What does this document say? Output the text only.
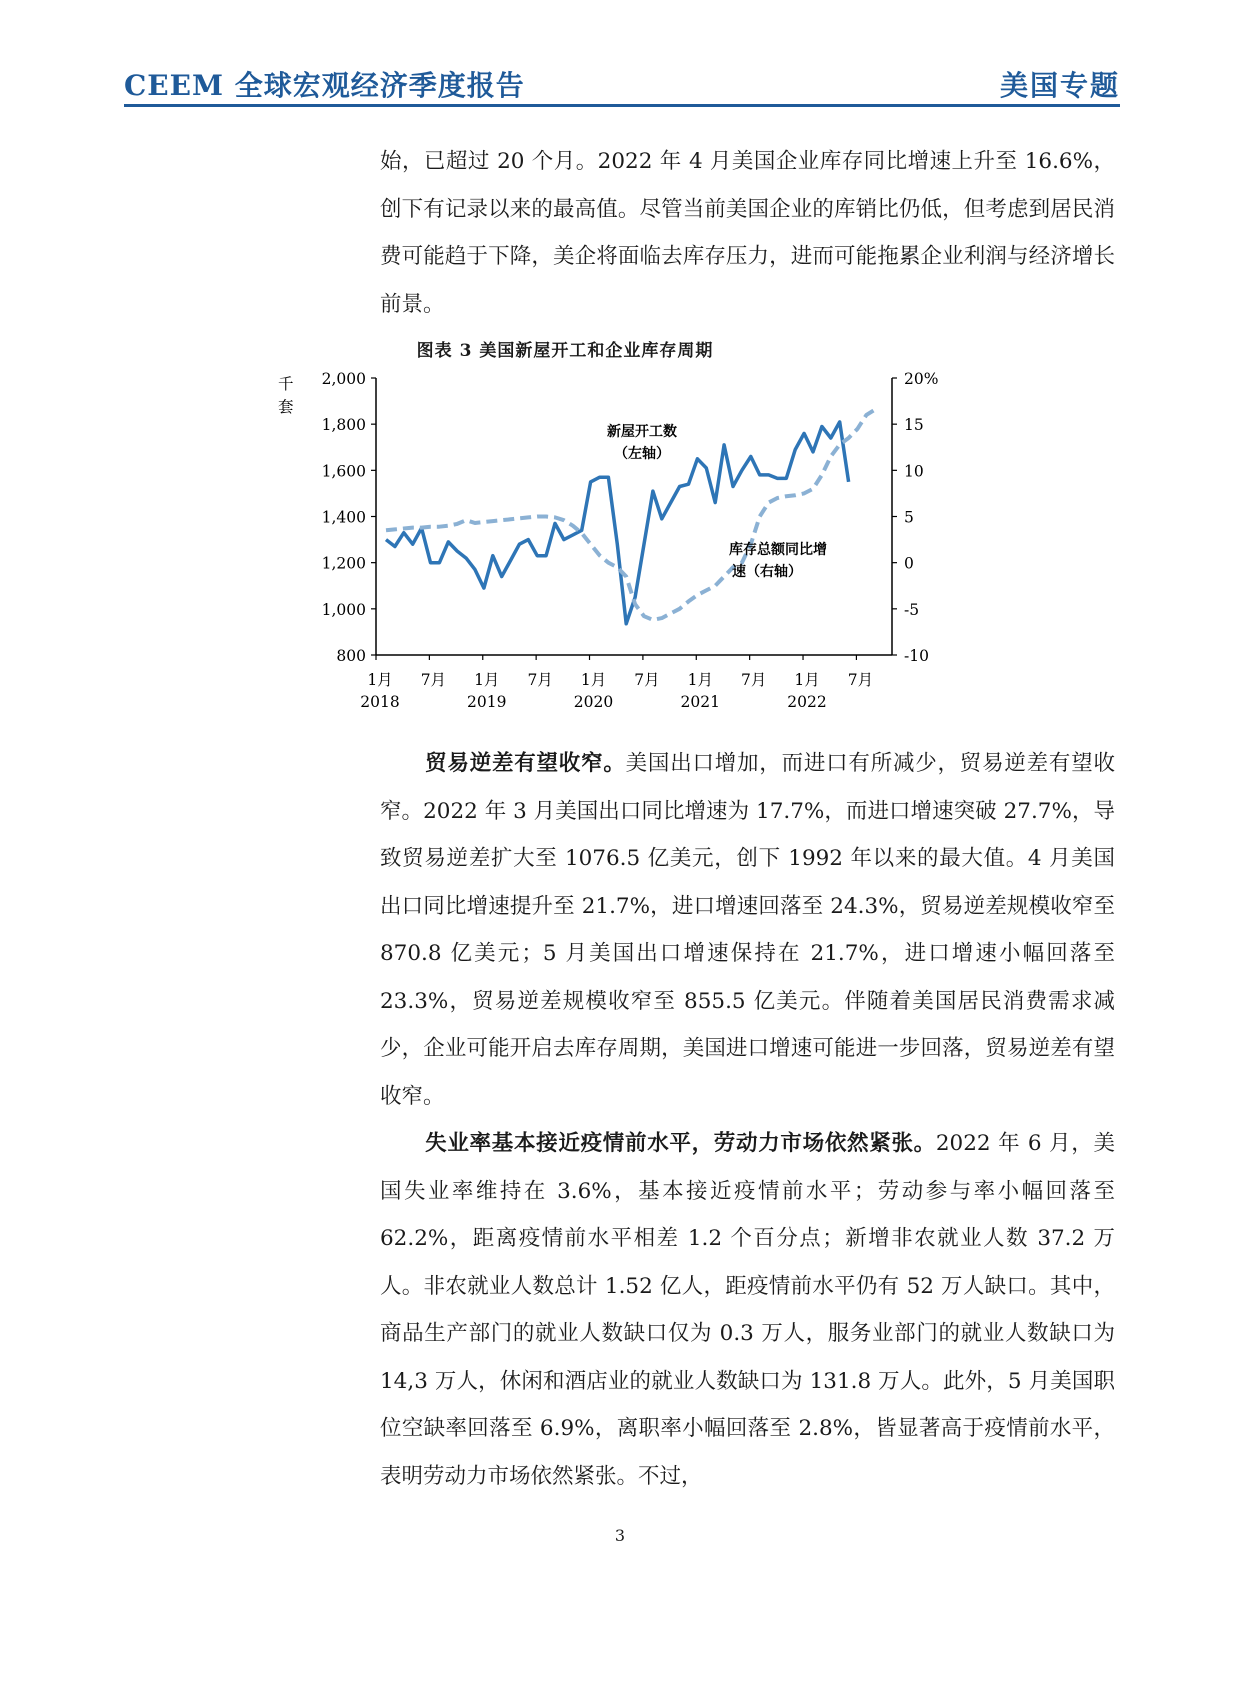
CEEM 全球宏观经济季度报告	美国专题

始，已超过 20 个月。2022 年 4 月美国企业库存同比增速上升至 16.6%，创下有记录以来的最高值。尽管当前美国企业的库销比仍低，但考虑到居民消费可能趋于下降，美企将面临去库存压力，进而可能拖累企业利润与经济增长前景。

图表 3 美国新屋开工和企业库存周期
2,000
1,800
1,600
1,400
1,200
1,000
800
千
套
20%
15
10
5
0
-5
-10
1月
2018
7月 1月
2019
7月 1月
2020
7月 1月
2021
7月 1月
2022
7月
新屋开工数
（左轴）
库存总额同比增
速（右轴）

贸易逆差有望收窄。美国出口增加，而进口有所减少，贸易逆差有望收窄。2022 年 3 月美国出口同比增速为 17.7%，而进口增速突破 27.7%，导致贸易逆差扩大至 1076.5 亿美元，创下 1992 年以来的最大值。4 月美国出口同比增速提升至 21.7%，进口增速回落至 24.3%，贸易逆差规模收窄至 870.8 亿美元；5 月美国出口增速保持在 21.7%，进口增速小幅回落至 23.3%，贸易逆差规模收窄至 855.5 亿美元。伴随着美国居民消费需求减少，企业可能开启去库存周期，美国进口增速可能进一步回落，贸易逆差有望收窄。

失业率基本接近疫情前水平，劳动力市场依然紧张。2022 年 6 月，美国失业率维持在 3.6%，基本接近疫情前水平；劳动参与率小幅回落至 62.2%，距离疫情前水平相差 1.2 个百分点；新增非农就业人数 37.2 万人。非农就业人数总计 1.52 亿人，距疫情前水平仍有 52 万人缺口。其中，商品生产部门的就业人数缺口仅为 0.3 万人，服务业部门的就业人数缺口为 14,3 万人，休闲和酒店业的就业人数缺口为 131.8 万人。此外，5 月美国职位空缺率回落至 6.9%，离职率小幅回落至 2.8%，皆显著高于疫情前水平，表明劳动力市场依然紧张。不过，

3
